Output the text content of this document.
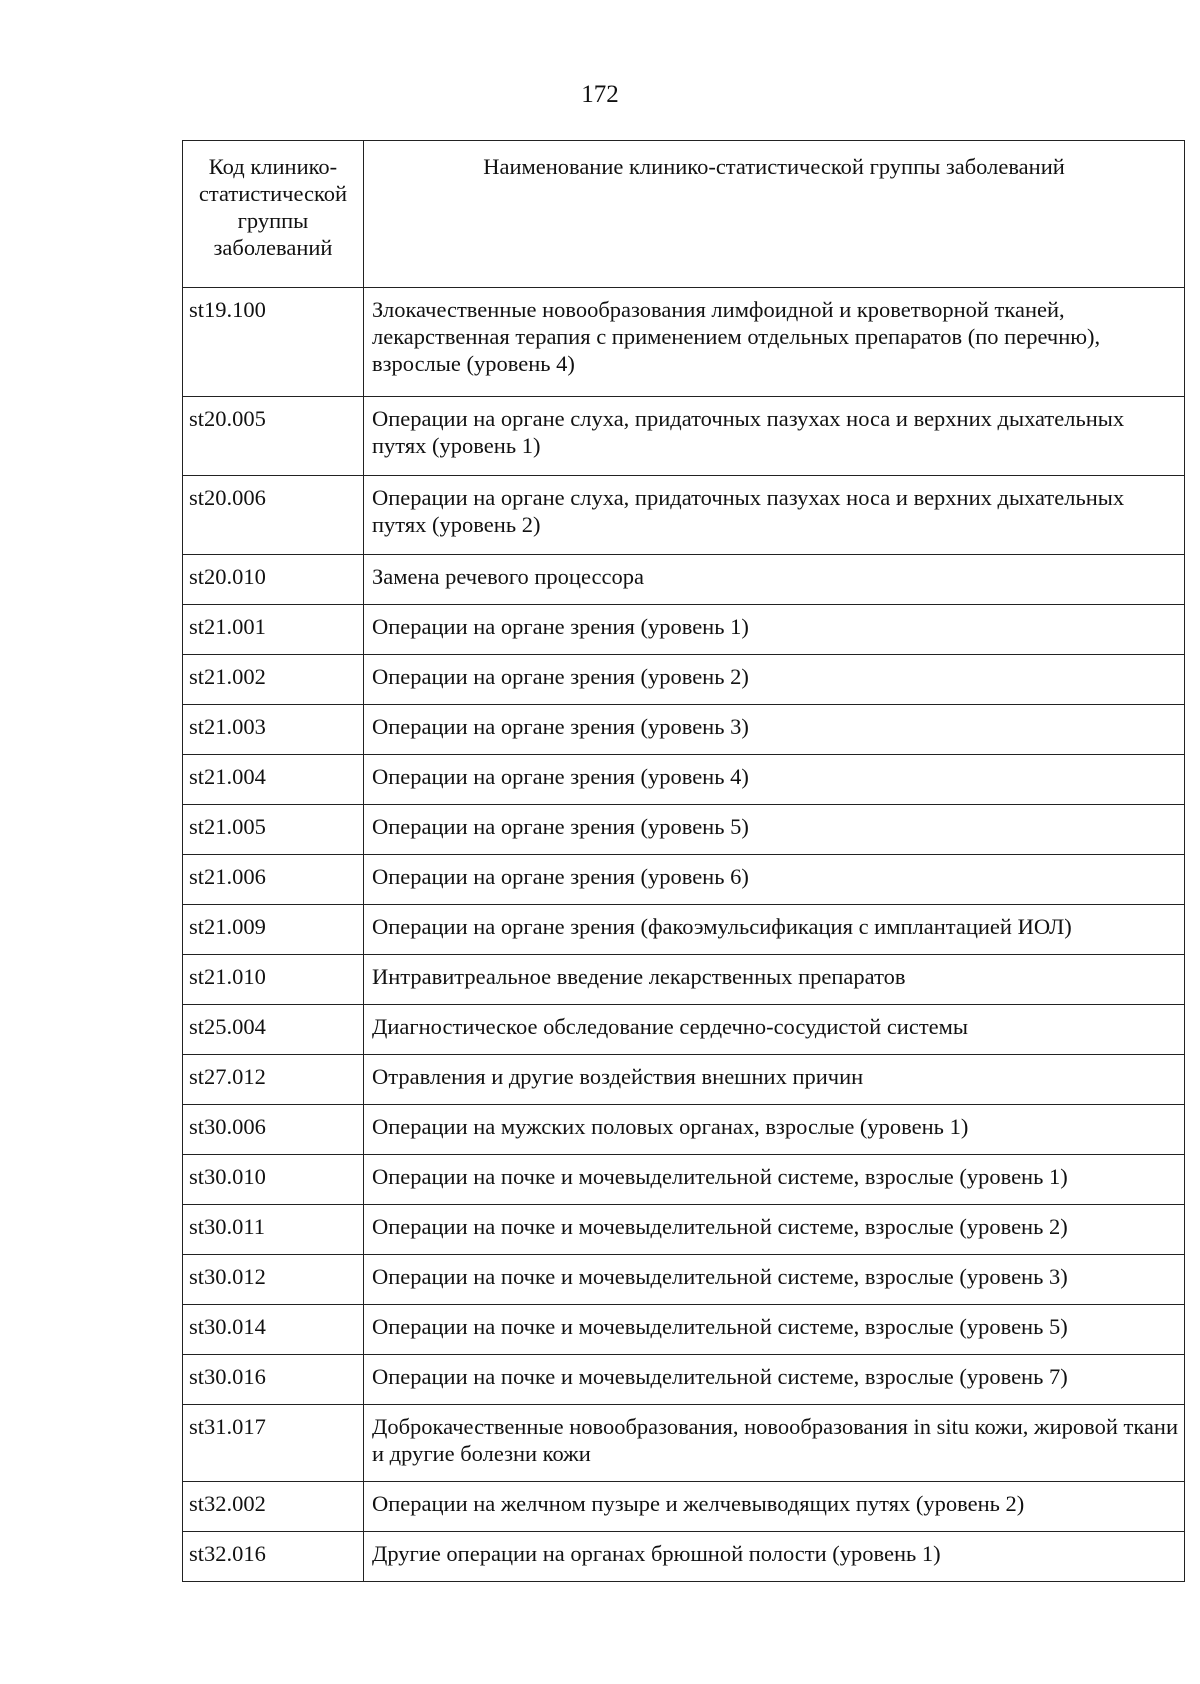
172
Код клинико-статистической группы заболеваний	Наименование клинико-статистической группы заболеваний
st19.100	Злокачественные новообразования лимфоидной и кроветворной тканей, лекарственная терапия с применением отдельных препаратов (по перечню), взрослые (уровень 4)
st20.005	Операции на органе слуха, придаточных пазухах носа и верхних дыхательных путях (уровень 1)
st20.006	Операции на органе слуха, придаточных пазухах носа и верхних дыхательных путях (уровень 2)
st20.010	Замена речевого процессора
st21.001	Операции на органе зрения (уровень 1)
st21.002	Операции на органе зрения (уровень 2)
st21.003	Операции на органе зрения (уровень 3)
st21.004	Операции на органе зрения (уровень 4)
st21.005	Операции на органе зрения (уровень 5)
st21.006	Операции на органе зрения (уровень 6)
st21.009	Операции на органе зрения (факоэмульсификация с имплантацией ИОЛ)
st21.010	Интравитреальное введение лекарственных препаратов
st25.004	Диагностическое обследование сердечно-сосудистой системы
st27.012	Отравления и другие воздействия внешних причин
st30.006	Операции на мужских половых органах, взрослые (уровень 1)
st30.010	Операции на почке и мочевыделительной системе, взрослые (уровень 1)
st30.011	Операции на почке и мочевыделительной системе, взрослые (уровень 2)
st30.012	Операции на почке и мочевыделительной системе, взрослые (уровень 3)
st30.014	Операции на почке и мочевыделительной системе, взрослые (уровень 5)
st30.016	Операции на почке и мочевыделительной системе, взрослые (уровень 7)
st31.017	Доброкачественные новообразования, новообразования in situ кожи, жировой ткани и другие болезни кожи
st32.002	Операции на желчном пузыре и желчевыводящих путях (уровень 2)
st32.016	Другие операции на органах брюшной полости (уровень 1)
